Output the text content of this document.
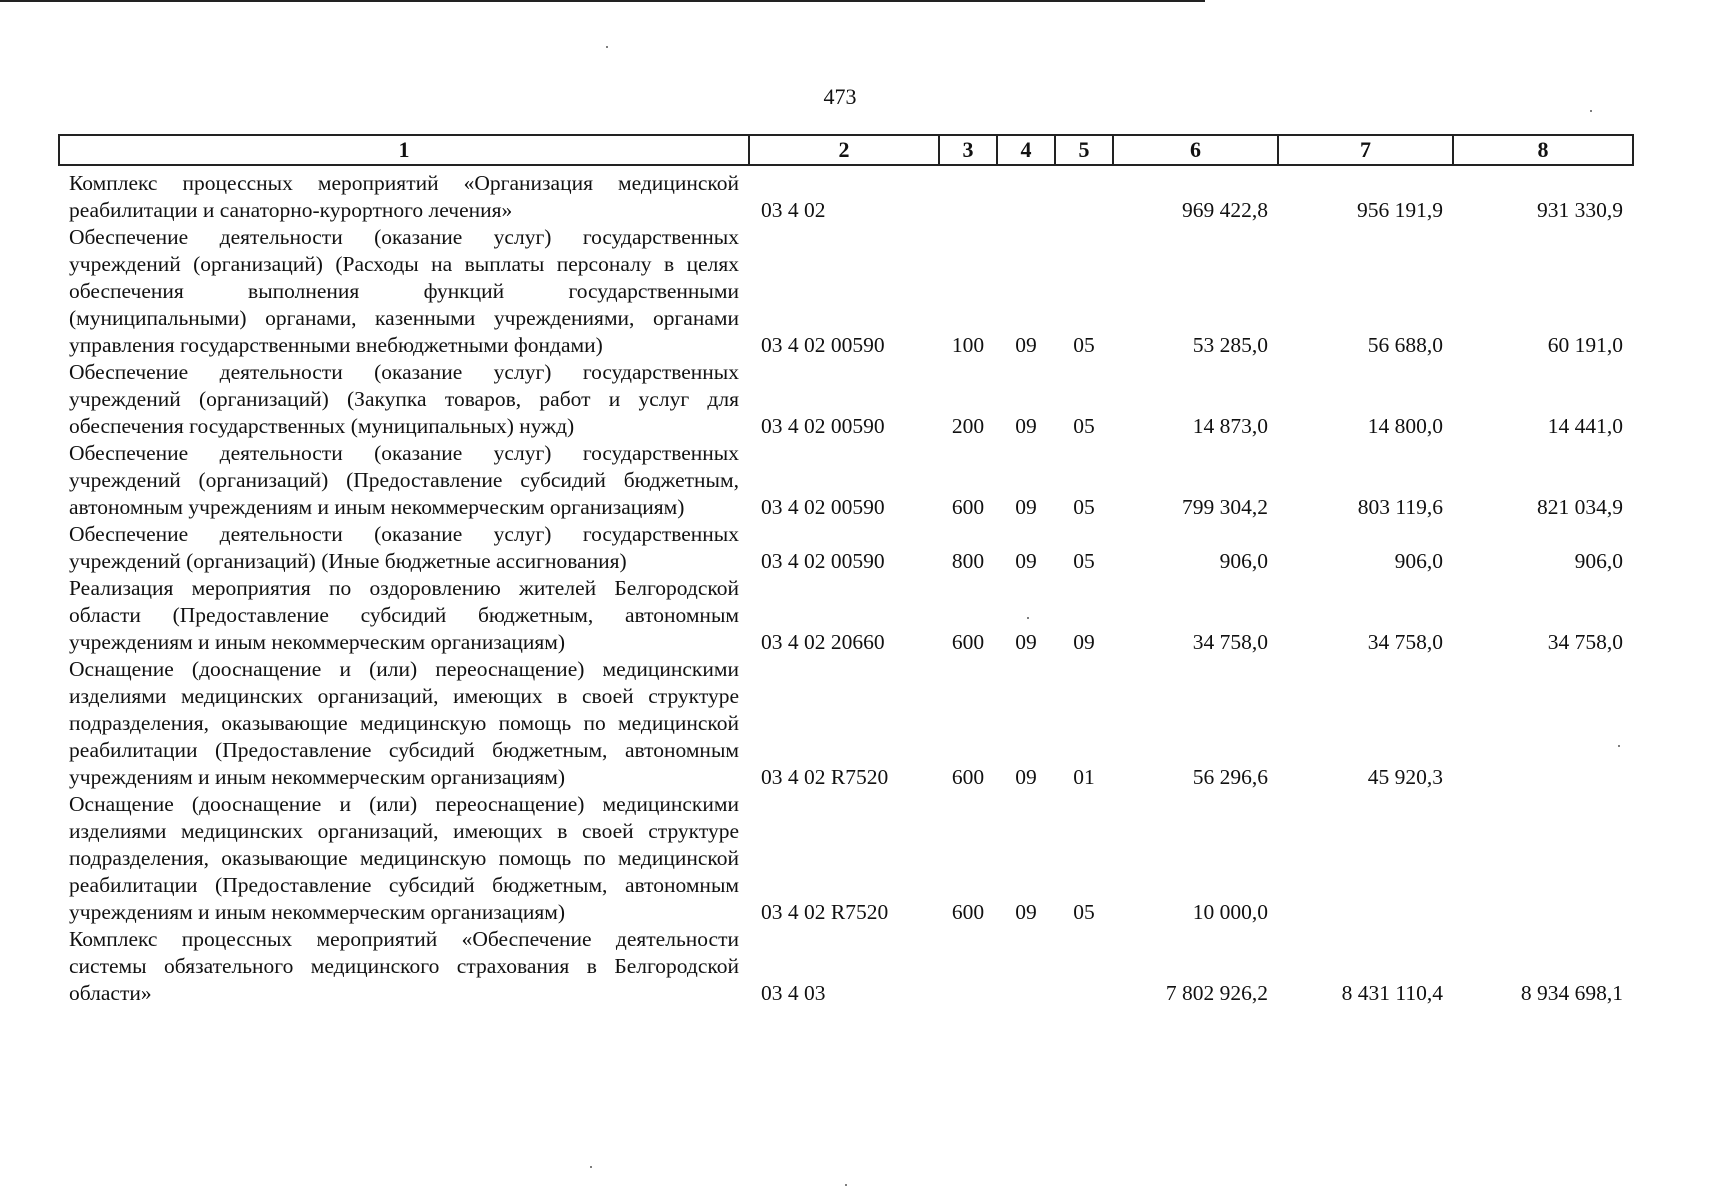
473
1	2	3	4	5	6	7	8
Комплекс процессных мероприятий «Организация медицинской реабилитации и санаторно-курортного лечения»	03 4 02				969 422,8	956 191,9	931 330,9
Обеспечение деятельности (оказание услуг) государственных учреждений (организаций) (Расходы на выплаты персоналу в целях обеспечения выполнения функций государственными (муниципальными) органами, казенными учреждениями, органами управления государственными внебюджетными фондами)	03 4 02 00590	100	09	05	53 285,0	56 688,0	60 191,0
Обеспечение деятельности (оказание услуг) государственных учреждений (организаций) (Закупка товаров, работ и услуг для обеспечения государственных (муниципальных) нужд)	03 4 02 00590	200	09	05	14 873,0	14 800,0	14 441,0
Обеспечение деятельности (оказание услуг) государственных учреждений (организаций) (Предоставление субсидий бюджетным, автономным учреждениям и иным некоммерческим организациям)	03 4 02 00590	600	09	05	799 304,2	803 119,6	821 034,9
Обеспечение деятельности (оказание услуг) государственных учреждений (организаций) (Иные бюджетные ассигнования)	03 4 02 00590	800	09	05	906,0	906,0	906,0
Реализация мероприятия по оздоровлению жителей Белгородской области (Предоставление субсидий бюджетным, автономным учреждениям и иным некоммерческим организациям)	03 4 02 20660	600	09	09	34 758,0	34 758,0	34 758,0
Оснащение (дооснащение и (или) переоснащение) медицинскими изделиями медицинских организаций, имеющих в своей структуре подразделения, оказывающие медицинскую помощь по медицинской реабилитации (Предоставление субсидий бюджетным, автономным учреждениям и иным некоммерческим организациям)	03 4 02 R7520	600	09	01	56 296,6	45 920,3	
Оснащение (дооснащение и (или) переоснащение) медицинскими изделиями медицинских организаций, имеющих в своей структуре подразделения, оказывающие медицинскую помощь по медицинской реабилитации (Предоставление субсидий бюджетным, автономным учреждениям и иным некоммерческим организациям)	03 4 02 R7520	600	09	05	10 000,0		
Комплекс процессных мероприятий «Обеспечение деятельности системы обязательного медицинского страхования в Белгородской области»	03 4 03				7 802 926,2	8 431 110,4	8 934 698,1
